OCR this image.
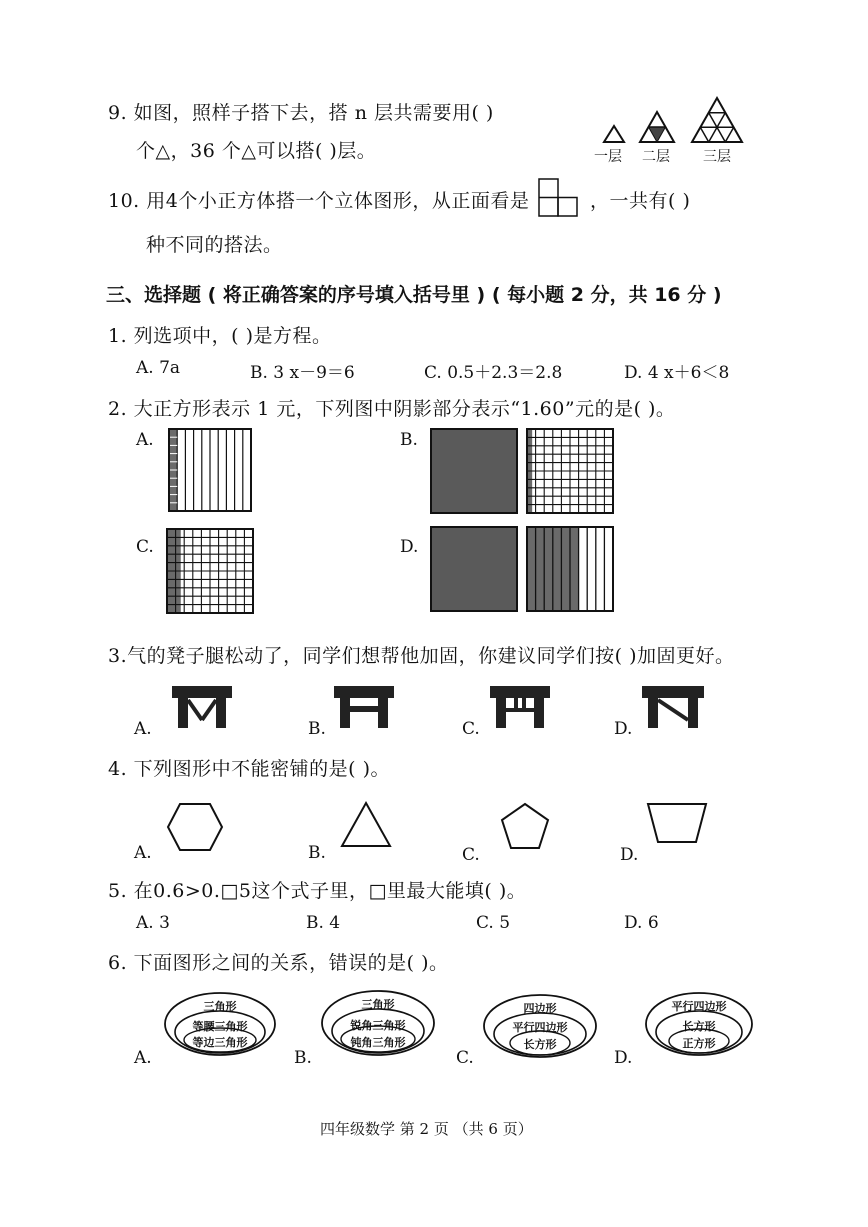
9. 如图，照样子搭下去，搭 n 层共需要用( )
个△，36 个△可以搭( )层。	一层 二层 三层
10. 用4个小正方体搭一个立体图形，从正面看是	，一共有( )
种不同的搭法。
三、选择题 ( 将正确答案的序号填入括号里 ) ( 每小题 2 分，共 16 分 )
1. 列选项中，( )是方程。
A. 7a	B. 3 x－9＝6	C. 0.5＋2.3＝2.8	D. 4 x＋6＜8
2. 大正方形表示 1 元，下列图中阴影部分表示“1.60”元的是( )。
A.	B.
C.	D.
3.气的凳子腿松动了，同学们想帮他加固，你建议同学们按( )加固更好。
A.	B.	C.	D.
4. 下列图形中不能密铺的是( )。
A.	B.	C.	D.
5. 在0.6>0.□5这个式子里，□里最大能填( )。
A. 3	B. 4	C. 5	D. 6
6. 下面图形之间的关系，错误的是( )。
A.	B.	C.	D.
三角形
等腰三角形
等边三角形
三角形
锐角三角形
钝角三角形
四边形
平行四边形
长方形
平行四边形
长方形
正方形
四年级数学 第 2 页 （共 6 页）
